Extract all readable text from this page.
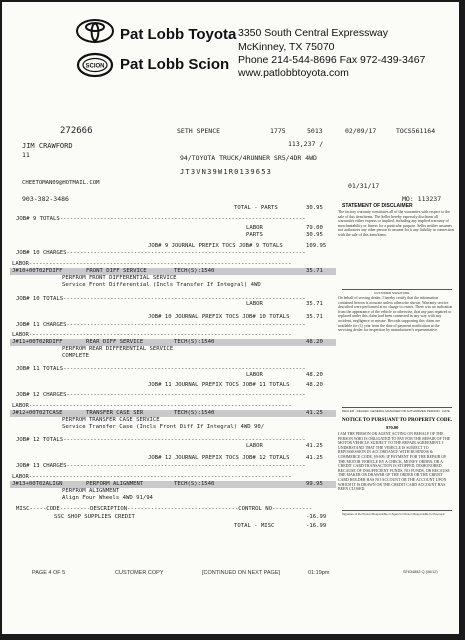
SCION
Pat Lobb Toyota
Pat Lobb Scion
3350 South Central Expressway
McKinney, TX 75070
Phone 214-544-8696 Fax 972-439-3467
www.patlobbtoyota.com
272666	SETH SPENCE	1775	5013	02/09/17	TOCS561164
JIM CRAWFORD
11
113,237 /
94/TOYOTA TRUCK/4RUNNER SR5/4DR 4WD
JT3VN39W1R0139653
CHEETOMAN09@HOTMAIL.COM	01/31/17
903-382-3486	MO: 113237
STATEMENT OF DISCLAIMER
The factory warranty constitutes all of the warranties with respect to the sale of this item/items. The Seller hereby expressly disclaims all warranties either express or implied, including any implied warranty of merchantability or fitness for a particular purpose. Seller neither assumes nor authorizes any other person to assume for it any liability in connection with the sale of this item/items.
CUSTOMER SIGNATURE
On behalf of serving dealer, I hereby certify that the information contained hereon is accurate unless otherwise shown. Warranty service described were performed at no charge to owner. There was no indication from the appearance of the vehicle or otherwise, that any part repaired or replaced under this claim had been connected in any way with any accident, negligence or misuse. Records supporting this claim are available for (1) year from the date of payment notification at the servicing dealer for inspection by manufacturer's representative.
DEALER · DEALER, GENERAL MANAGER OR AUTHORIZED PERSON · DATE
NOTICE TO PURSUANT TO PROPERTY CODE.
$70.00
I AM THE PERSON OR AGENT ACTING ON BEHALF OF THE PERSON WHO IS OBLIGATED TO PAY FOR THE REPAIR OF THE MOTOR VEHICLE SUBJECT TO THE REPAIR AGREEMENT. I UNDERSTAND THAT THE VEHICLE IS SUBJECT TO REPOSSESSION IN ACCORDANCE WITH BUSINESS & COMMERCE CODE, §9.609, IF PAYMENT FOR THE REPAIR OF THE MOTOR VEHICLE BY A CHECK, MONEY ORDER, OR A CREDIT CARD TRANSACTION IS STOPPED, DISHONORED BECAUSE OF INSUFFICIENT FUNDS, NO FUNDS, OR BECAUSE THE MAKER OR DRAWER OF THE ORDER OR THE CREDIT CARD HOLDER HAS NO ACCOUNT OR THE ACCOUNT UPON WHICH IT IS DRAWN OR THE CREDIT CARD ACCOUNT HAS BEEN CLOSED.
Signature of the Person Responsible or Agent for Person Responsible for Payment
TOTAL - PARTS	30.95
JOB# 9 TOTALS-------------------------------------------------------------------------
LABOR	79.00
PARTS	30.95
JOB# 9 JOURNAL PREFIX TOCS JOB# 9 TOTALS	109.95
JOB# 10 CHARGES-----------------------------------------------------------------------
LABOR------------------------------------------------------------------------------
J#10+00T02FDIFF	FRONT DIFF SERVICE	TECH(S):1540	35.71
PERFROM FRONT DIFFERENTIAL SERVICE
Service Front Differential (Incls Transfer If Integral) 4WD
JOB# 10 TOTALS------------------------------------------------------------------------
LABOR	35.71
JOB# 10 JOURNAL PREFIX TOCS JOB# 10 TOTALS	35.71
JOB# 11 CHARGES-----------------------------------------------------------------------
LABOR------------------------------------------------------------------------------
J#11+00T02RDIFF	REAR DIFF SERVICE	TECH(S):1540	48.20
PERFROM REAR DIFFERENTIAL SERVICE
COMPLETE
JOB# 11 TOTALS------------------------------------------------------------------------
LABOR	48.20
JOB# 11 JOURNAL PREFIX TOCS JOB# 11 TOTALS	48.20
JOB# 12 CHARGES-----------------------------------------------------------------------
LABOR------------------------------------------------------------------------------
J#12+00T02TCASE	TRANSFER CASE SER	TECH(S):1540	41.25
PERFROM TRANSFER CASE SERVICE
Service Transfer Case (Incls Front Diff If Integral) 4WD 90/
JOB# 12 TOTALS------------------------------------------------------------------------
LABOR	41.25
JOB# 12 JOURNAL PREFIX TOCS JOB# 12 TOTALS	41.25
JOB# 13 CHARGES-----------------------------------------------------------------------
LABOR------------------------------------------------------------------------------
J#13+00T02ALIGN	PERFORM ALIGNMENT	TECH(S):1540	99.95
PERFROM ALIGNMENT
Align Four Wheels 4WD 91/94
MISC-----CODE---------DESCRIPTION---------------------------------CONTROL NO------------
SSC SHOP SUPPLIES CREDIT	-16.99
TOTAL - MISC	-16.99
PAGE 4 OF 5	CUSTOMER COPY	[CONTINUED ON NEXT PAGE]	01:19pm	SF634883 Q (06/12)
